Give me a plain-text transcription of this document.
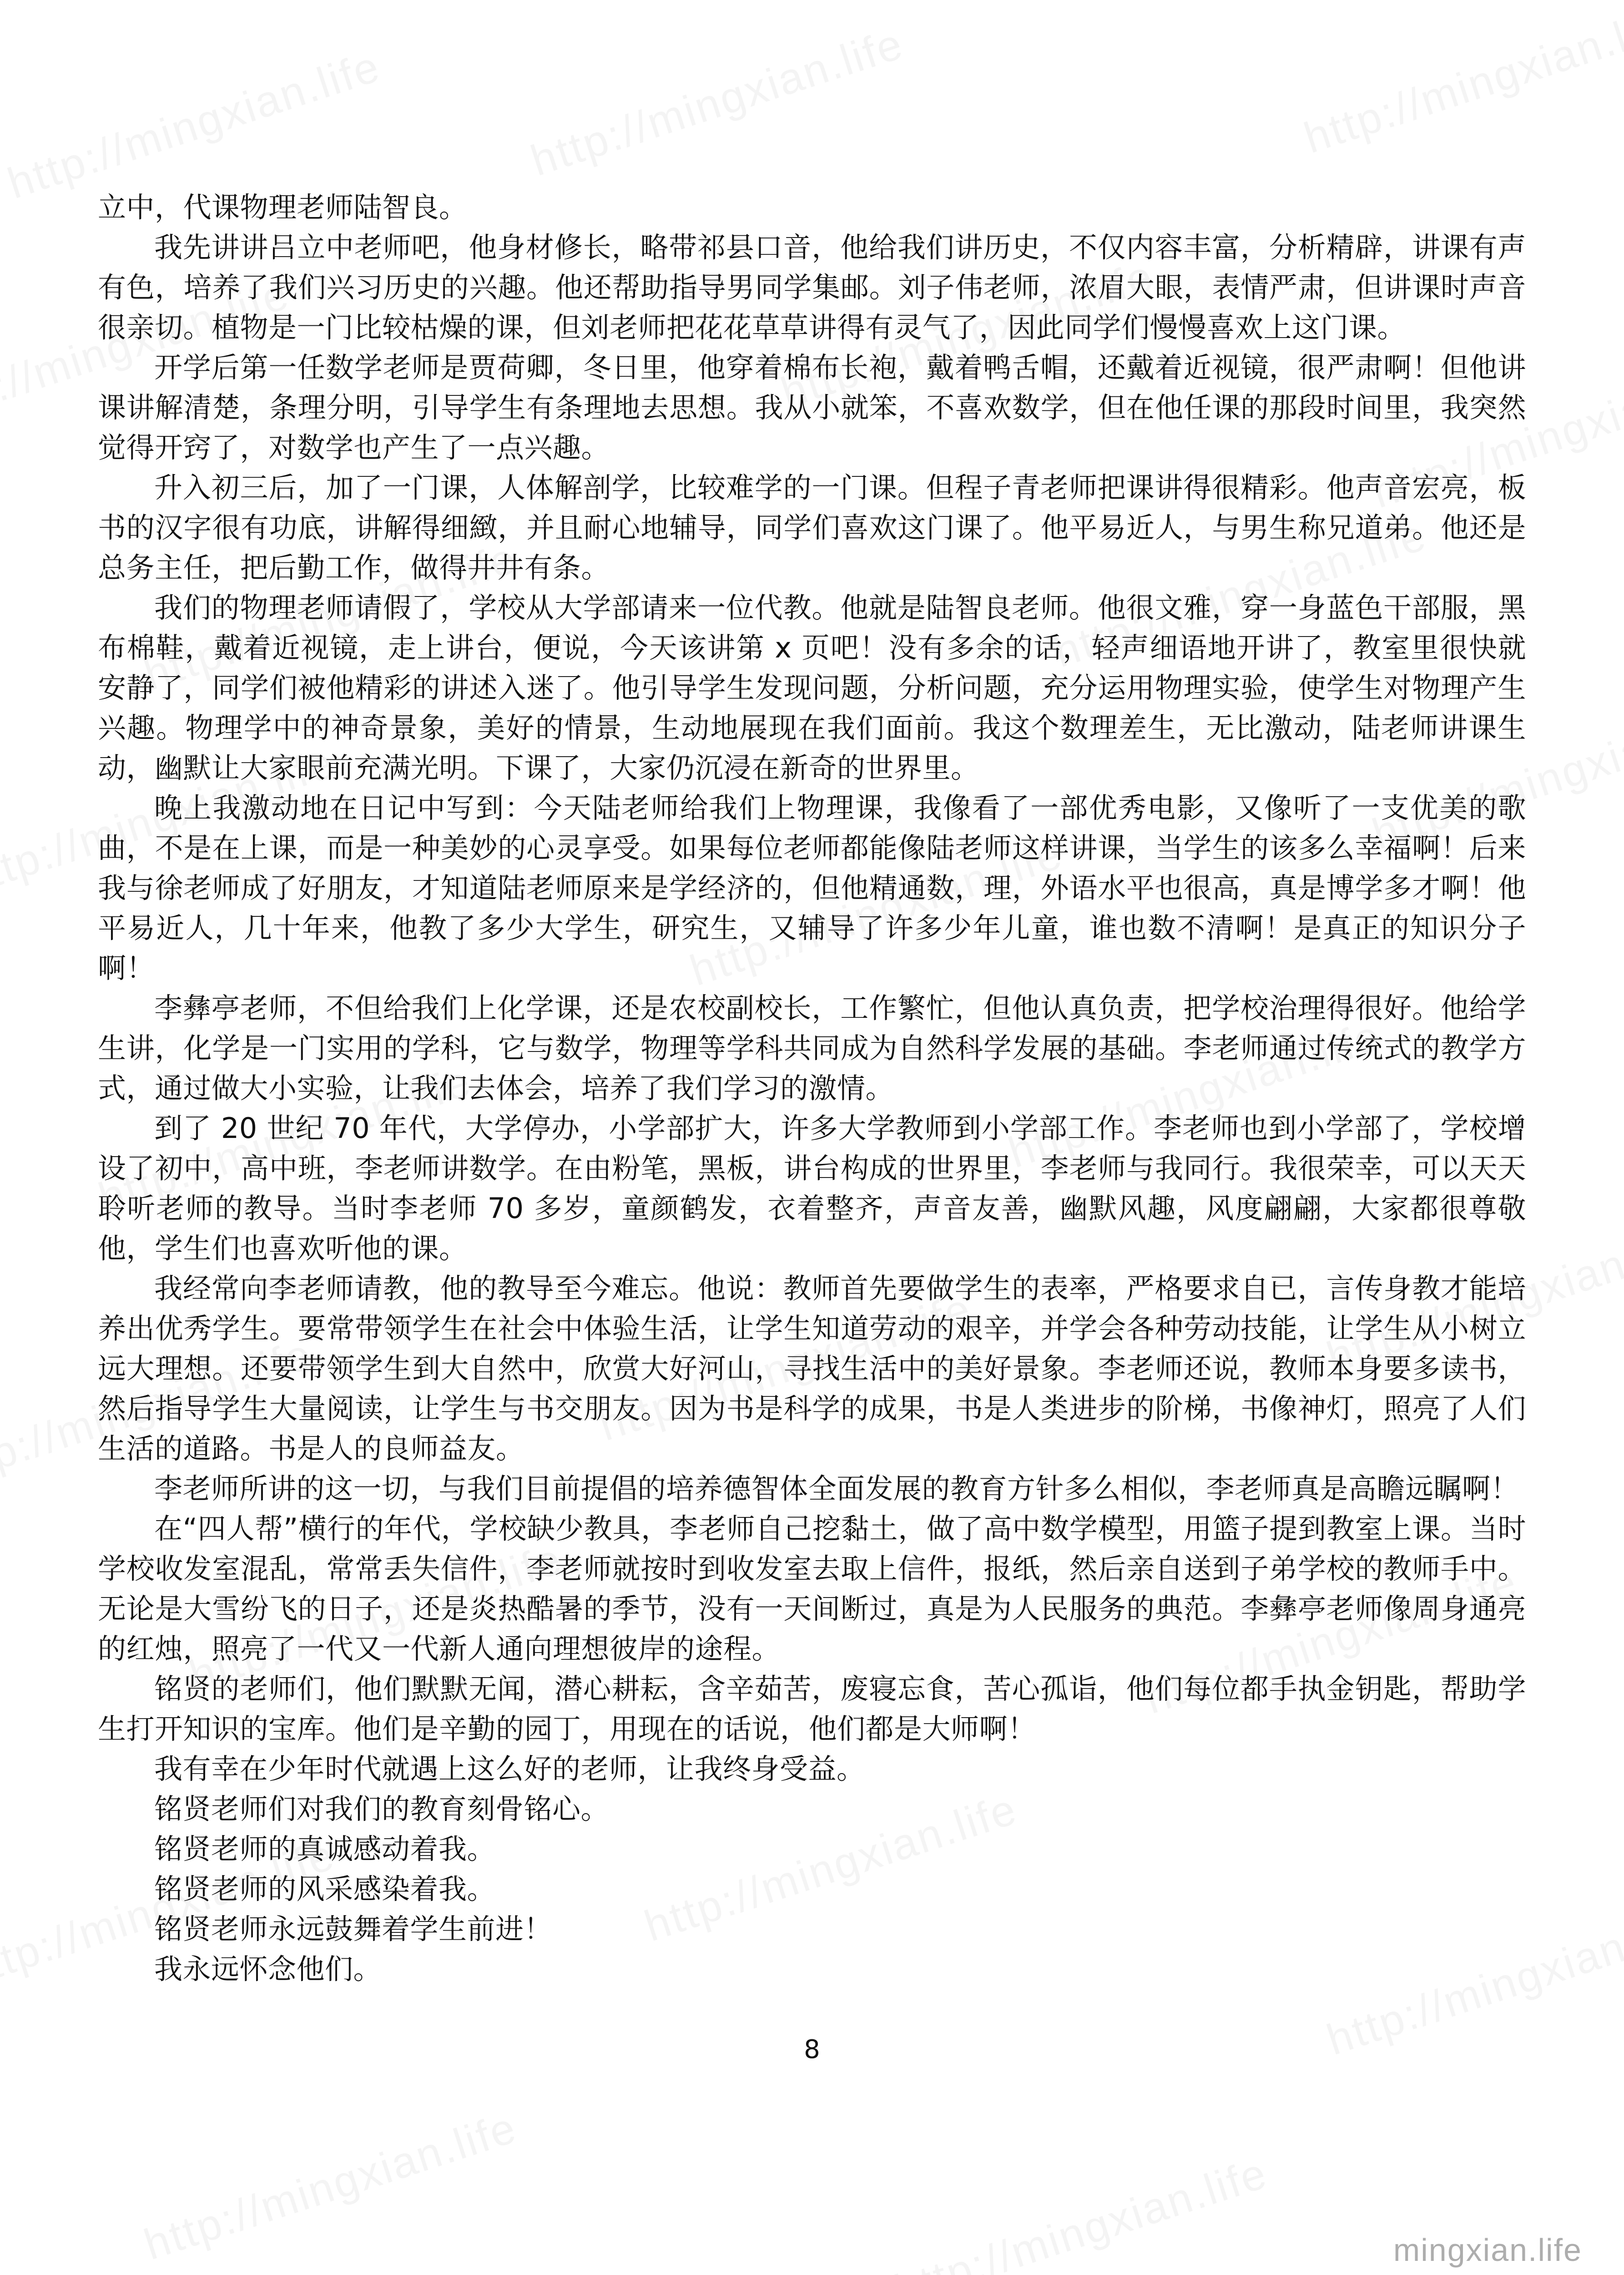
立中，代课物理老师陆智良。

我先讲讲吕立中老师吧，他身材修长，略带祁县口音，他给我们讲历史，不仅内容丰富，分析精辟，讲课有声有色，培养了我们兴习历史的兴趣。他还帮助指导男同学集邮。刘子伟老师，浓眉大眼，表情严肃，但讲课时声音很亲切。植物是一门比较枯燥的课，但刘老师把花花草草讲得有灵气了，因此同学们慢慢喜欢上这门课。

开学后第一任数学老师是贾荷卿，冬日里，他穿着棉布长袍，戴着鸭舌帽，还戴着近视镜，很严肃啊！但他讲课讲解清楚，条理分明，引导学生有条理地去思想。我从小就笨，不喜欢数学，但在他任课的那段时间里，我突然觉得开窍了，对数学也产生了一点兴趣。

升入初三后，加了一门课，人体解剖学，比较难学的一门课。但程子青老师把课讲得很精彩。他声音宏亮，板书的汉字很有功底，讲解得细緻，并且耐心地辅导，同学们喜欢这门课了。他平易近人，与男生称兄道弟。他还是总务主任，把后勤工作，做得井井有条。

我们的物理老师请假了，学校从大学部请来一位代教。他就是陆智良老师。他很文雅，穿一身蓝色干部服，黑布棉鞋，戴着近视镜，走上讲台，便说，今天该讲第 x 页吧！没有多余的话，轻声细语地开讲了，教室里很快就安静了，同学们被他精彩的讲述入迷了。他引导学生发现问题，分析问题，充分运用物理实验，使学生对物理产生兴趣。物理学中的神奇景象，美好的情景，生动地展现在我们面前。我这个数理差生，无比激动，陆老师讲课生动，幽默让大家眼前充满光明。下课了，大家仍沉浸在新奇的世界里。

晚上我激动地在日记中写到：今天陆老师给我们上物理课，我像看了一部优秀电影，又像听了一支优美的歌曲，不是在上课，而是一种美妙的心灵享受。如果每位老师都能像陆老师这样讲课，当学生的该多么幸福啊！后来我与徐老师成了好朋友，才知道陆老师原来是学经济的，但他精通数，理，外语水平也很高，真是博学多才啊！他平易近人，几十年来，他教了多少大学生，研究生，又辅导了许多少年儿童，谁也数不清啊！是真正的知识分子啊！

李彝亭老师，不但给我们上化学课，还是农校副校长，工作繁忙，但他认真负责，把学校治理得很好。他给学生讲，化学是一门实用的学科，它与数学，物理等学科共同成为自然科学发展的基础。李老师通过传统式的教学方式，通过做大小实验，让我们去体会，培养了我们学习的激情。

到了 20 世纪 70 年代，大学停办，小学部扩大，许多大学教师到小学部工作。李老师也到小学部了，学校增设了初中，高中班，李老师讲数学。在由粉笔，黑板，讲台构成的世界里，李老师与我同行。我很荣幸，可以天天聆听老师的教导。当时李老师 70 多岁，童颜鹤发，衣着整齐，声音友善，幽默风趣，风度翩翩，大家都很尊敬他，学生们也喜欢听他的课。

我经常向李老师请教，他的教导至今难忘。他说：教师首先要做学生的表率，严格要求自已，言传身教才能培养出优秀学生。要常带领学生在社会中体验生活，让学生知道劳动的艰辛，并学会各种劳动技能，让学生从小树立远大理想。还要带领学生到大自然中，欣赏大好河山，寻找生活中的美好景象。李老师还说，教师本身要多读书，然后指导学生大量阅读，让学生与书交朋友。因为书是科学的成果，书是人类进步的阶梯，书像神灯，照亮了人们生活的道路。书是人的良师益友。

李老师所讲的这一切，与我们目前提倡的培养德智体全面发展的教育方针多么相似，李老师真是高瞻远瞩啊！

在“四人帮”横行的年代，学校缺少教具，李老师自己挖黏土，做了高中数学模型，用篮子提到教室上课。当时学校收发室混乱，常常丢失信件，李老师就按时到收发室去取上信件，报纸，然后亲自送到子弟学校的教师手中。无论是大雪纷飞的日子，还是炎热酷暑的季节，没有一天间断过，真是为人民服务的典范。李彝亭老师像周身通亮的红烛，照亮了一代又一代新人通向理想彼岸的途程。

铭贤的老师们，他们默默无闻，潜心耕耘，含辛茹苦，废寝忘食，苦心孤诣，他们每位都手执金钥匙，帮助学生打开知识的宝库。他们是辛勤的园丁，用现在的话说，他们都是大师啊！

我有幸在少年时代就遇上这么好的老师，让我终身受益。

铭贤老师们对我们的教育刻骨铭心。

铭贤老师的真诚感动着我。

铭贤老师的风采感染着我。

铭贤老师永远鼓舞着学生前进！

我永远怀念他们。

8
mingxian.life
